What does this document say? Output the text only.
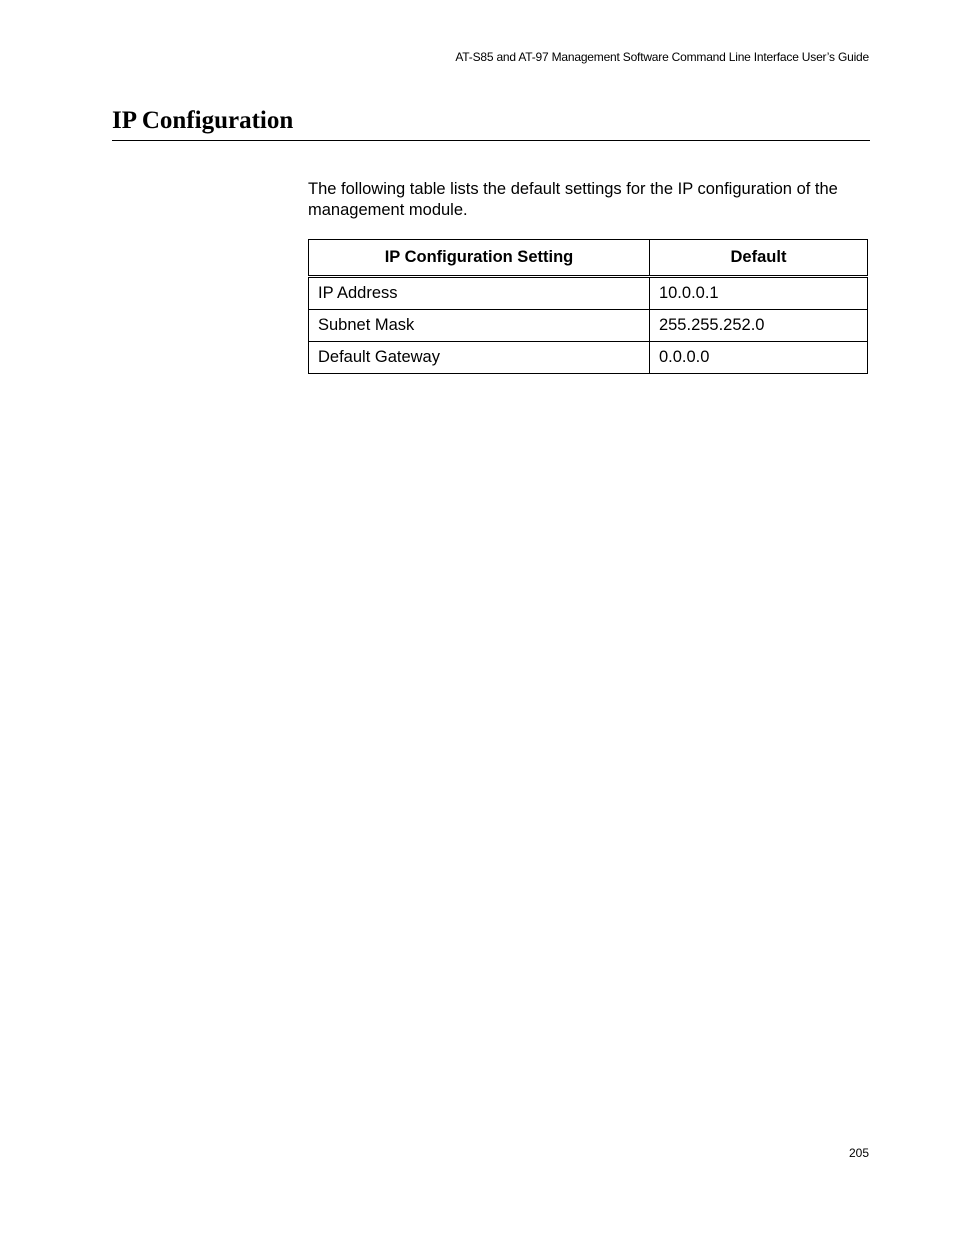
AT-S85 and AT-97 Management Software Command Line Interface User’s Guide
IP Configuration

The following table lists the default settings for the IP configuration of the management module.

IP Configuration Setting	Default
IP Address	10.0.0.1
Subnet Mask	255.255.252.0
Default Gateway	0.0.0.0
205
